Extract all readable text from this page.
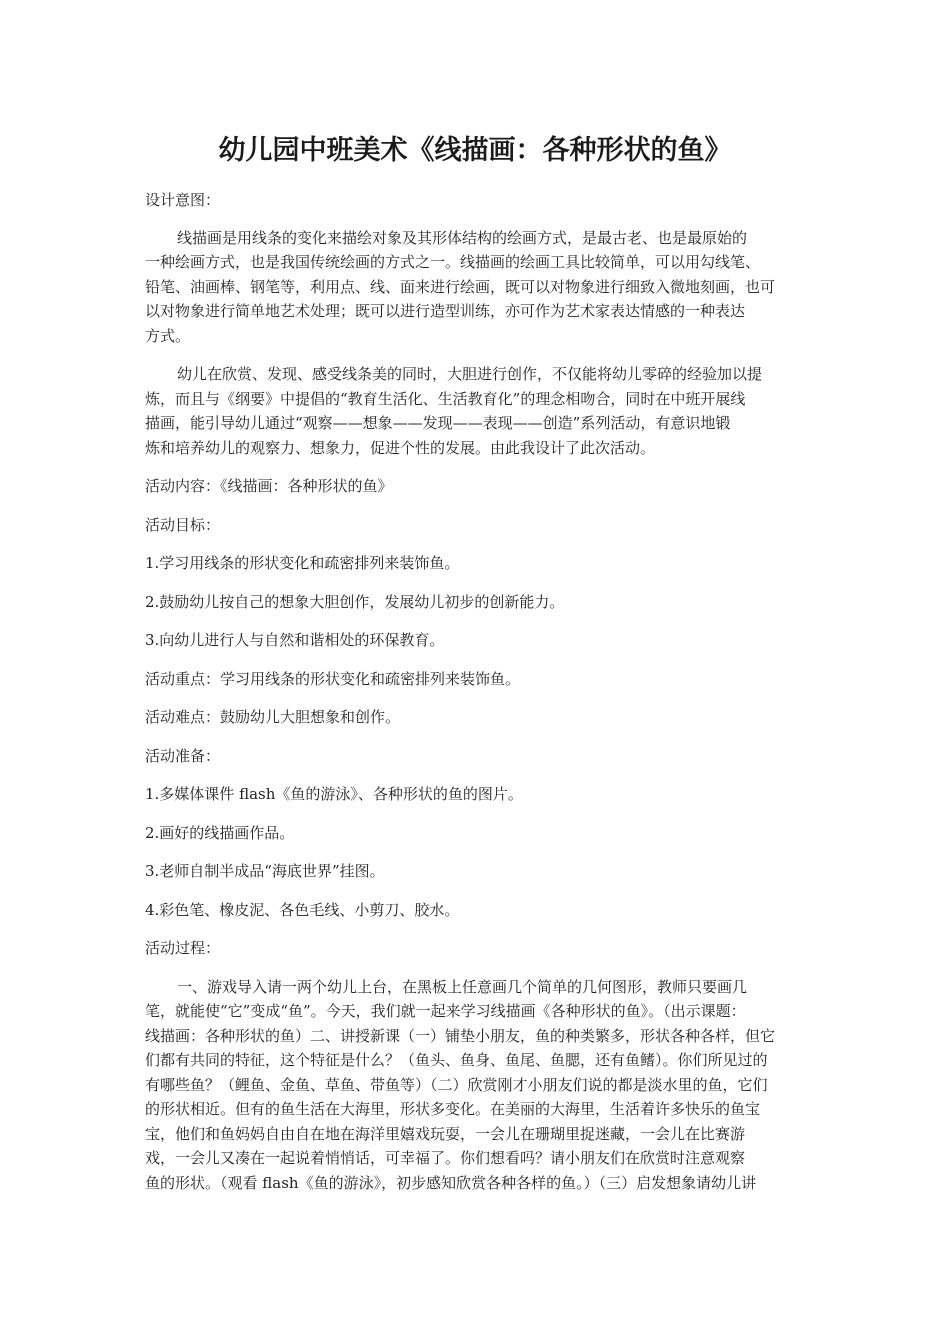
幼儿园中班美术《线描画：各种形状的鱼》

设计意图：

线描画是用线条的变化来描绘对象及其形体结构的绘画方式，是最古老、也是最原始的
一种绘画方式，也是我国传统绘画的方式之一。线描画的绘画工具比较简单，可以用勾线笔、
铅笔、油画棒、钢笔等，利用点、线、面来进行绘画，既可以对物象进行细致入微地刻画，也可
以对物象进行简单地艺术处理；既可以进行造型训练，亦可作为艺术家表达情感的一种表达
方式。

幼儿在欣赏、发现、感受线条美的同时，大胆进行创作，不仅能将幼儿零碎的经验加以提
炼，而且与《纲要》中提倡的“教育生活化、生活教育化”的理念相吻合，同时在中班开展线
描画，能引导幼儿通过“观察——想象——发现——表现——创造”系列活动，有意识地锻
炼和培养幼儿的观察力、想象力，促进个性的发展。由此我设计了此次活动。

活动内容：《线描画：各种形状的鱼》

活动目标：

1.学习用线条的形状变化和疏密排列来装饰鱼。

2.鼓励幼儿按自己的想象大胆创作，发展幼儿初步的创新能力。

3.向幼儿进行人与自然和谐相处的环保教育。

活动重点：学习用线条的形状变化和疏密排列来装饰鱼。

活动难点：鼓励幼儿大胆想象和创作。

活动准备：

1.多媒体课件 flash《鱼的游泳》、各种形状的鱼的图片。

2.画好的线描画作品。

3.老师自制半成品“海底世界”挂图。

4.彩色笔、橡皮泥、各色毛线、小剪刀、胶水。

活动过程：

一、游戏导入请一两个幼儿上台，在黑板上任意画几个简单的几何图形，教师只要画几
笔，就能使“它”变成“鱼”。今天，我们就一起来学习线描画《各种形状的鱼》。（出示课题：
线描画：各种形状的鱼）二、讲授新课（一）铺垫小朋友，鱼的种类繁多，形状各种各样，但它
们都有共同的特征，这个特征是什么？（鱼头、鱼身、鱼尾、鱼腮，还有鱼鳍）。你们所见过的
有哪些鱼？（鲤鱼、金鱼、草鱼、带鱼等）（二）欣赏刚才小朋友们说的都是淡水里的鱼，它们
的形状相近。但有的鱼生活在大海里，形状多变化。在美丽的大海里，生活着许多快乐的鱼宝
宝，他们和鱼妈妈自由自在地在海洋里嬉戏玩耍，一会儿在珊瑚里捉迷藏，一会儿在比赛游
戏，一会儿又凑在一起说着悄悄话，可幸福了。你们想看吗？请小朋友们在欣赏时注意观察
鱼的形状。（观看 flash《鱼的游泳》，初步感知欣赏各种各样的鱼。）（三）启发想象请幼儿讲
